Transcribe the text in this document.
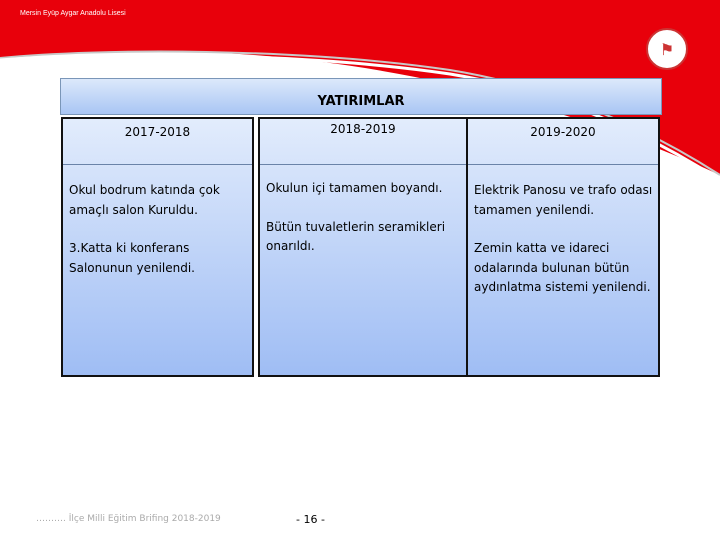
Mersin Eyüp Aygar Anadolu Lisesi
⚑
YATIRIMLAR
2017-2018

Okul bodrum katında çok amaçlı salon Kuruldu.

3.Katta ki konferans Salonunun yenilendi.

2018-2019

Okulun içi tamamen boyandı.

Bütün tuvaletlerin seramikleri onarıldı.

2019-2020

Elektrik Panosu ve trafo odası tamamen yenilendi.

Zemin katta ve idareci odalarında bulunan bütün aydınlatma sistemi yenilendi.

………. İlçe Milli Eğitim Brifing 2018-2019	- 16 -
